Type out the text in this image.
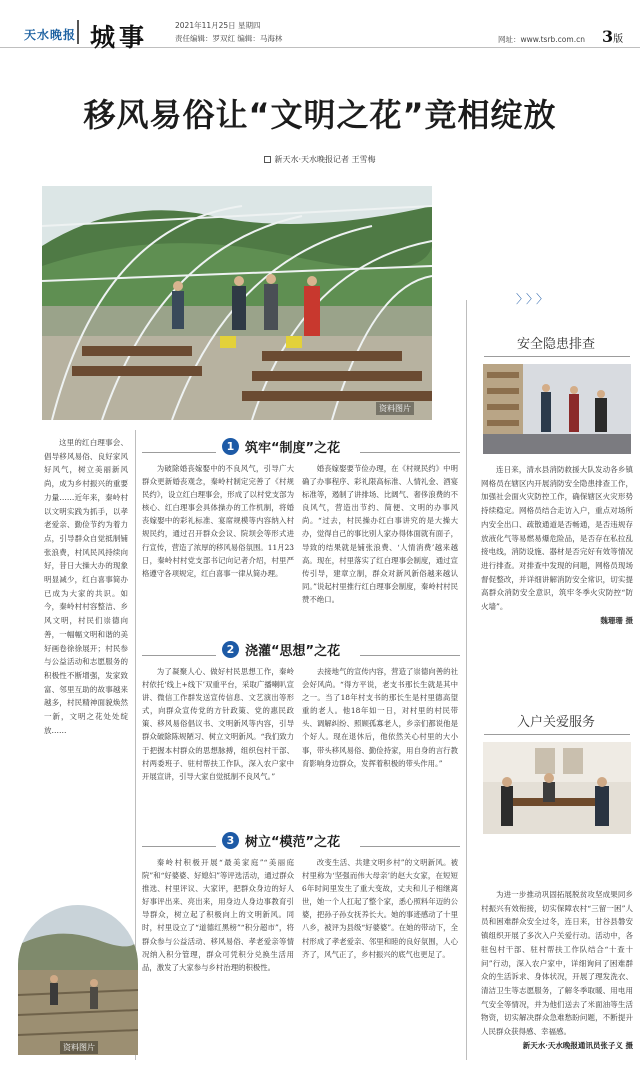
天水晚报 城事	2021年11月25日 星期四
责任编辑：罗双红 编辑：马海林	网址：www.tsrb.com.cn 3版
移风易俗让“文明之花”竞相绽放
新天水·天水晚报记者 王雪梅
资料图片

这里的红白理事会、倡导移风易俗、良好家风好风气，树立美丽新风尚，成为乡村振兴的重要力量……近年来，秦岭村以文明实践为抓手，以孝老爱亲、勤俭节约为着力点，引导群众自觉抵制铺张浪费，村风民风持续向好，昔日大操大办的现象明显减少，红白喜事简办已成为大家的共识。如今，秦岭村村容整洁、乡风文明，村民们崇德向善，一幅幅文明和谐的美好画卷徐徐展开；村民参与公益活动和志愿服务的积极性不断增强，发家致富、邻里互助的故事越来越多，村民精神面貌焕然一新，文明之花处处绽放……

1 筑牢“制度”之花

为破除婚丧嫁娶中的不良风气，引导广大群众更新婚丧观念，秦岭村制定完善了《村规民约》，设立红白理事会，形成了以村党支部为核心、红白理事会具体操办的工作机制，将婚丧嫁娶中的彩礼标准、宴席规模等内容纳入村规民约，通过召开群众会议、院坝会等形式进行宣传，营造了浓厚的移风易俗氛围。11月23日，秦岭村村党支部书记向记者介绍，村里严格遵守各项规定，红白喜事一律从简办理。

婚丧嫁娶要节俭办理，在《村规民约》中明确了办事程序、彩礼限高标准、人情礼金、酒宴标准等，遏制了讲排场、比阔气、奢侈浪费的不良风气，营造出节约、简便、文明的办事风尚。“过去，村民操办红白事讲究的是大操大办，觉得自己的事比别人家办得体面就有面子，导致的结果就是铺张浪费、‘人情消费’越来越高。现在，村里落实了红白理事会制度，通过宣传引导，建章立制，群众对新风新俗越来越认同。”说起村里推行红白理事会制度，秦岭村村民赞不绝口。

2 浇灌“思想”之花

为了凝聚人心、做好村民思想工作，秦岭村依托‘线上+线下’双重平台，采取广播喇叭宣讲、微信工作群发送宣传信息、文艺演出等形式，向群众宣传党的方针政策、党的惠民政策、移风易俗倡议书、文明新风等内容，引导群众破除陈规陋习、树立文明新风。“我们致力于把握本村群众的思想脉搏，组织包村干部、村两委班子、驻村帮扶工作队，深入农户家中开展宣讲，引导大家自觉抵制不良风气。”

去接地气的宣传内容，营造了崇德向善的社会好风尚。“得方平说，老支书那长生就是其中之一。当了18年村支书的那长生是村里德高望重的老人。他18年如一日，对村里的村民带头、调解纠纷、照顾孤寡老人，乡亲们都说他是个好人。现在退休后，他依然关心村里的大小事，带头移风易俗、勤俭持家，用自身的言行教育影响身边群众，发挥着积极的带头作用。”

3 树立“模范”之花

秦岭村积极开展“最美家庭”“美丽庭院”和“好婆婆、好媳妇”等评选活动，通过群众推选、村里评议、大家评，把群众身边的好人好事评出来、亮出来，用身边人身边事教育引导群众，树立起了积极向上的文明新风。同时，村里设立了“道德红黑榜”“积分超市”，将群众参与公益活动、移风易俗、孝老爱亲等情况纳入积分管理，群众可凭积分兑换生活用品，激发了大家参与乡村治理的积极性。

改变生活、共建文明乡村”的文明新风。被村里称为‘坚强而伟大母亲’的赵大女家，在短短6年时间里发生了重大变故，丈夫和儿子相继离世，她一个人扛起了整个家，悉心照料年迈的公婆，把孙子孙女抚养长大。她的事迹感动了十里八乡，被评为县级“好婆婆”。在她的带动下，全村形成了孝老爱亲、邻里和睦的良好氛围，人心齐了，风气正了，乡村振兴的底气也更足了。

资料图片
〉〉〉
安全隐患排查

连日来，清水县消防救援大队发动各乡镇网格员在辖区内开展消防安全隐患排查工作，加强社会面火灾防控工作，确保辖区火灾形势持续稳定。网格员结合走访入户，重点对场所内安全出口、疏散通道是否畅通，是否违规存放液化气等易燃易爆危险品，是否存在私拉乱接电线，消防设施、器材是否完好有效等情况进行排查。对排查中发现的问题，网格员现场督促整改，并详细讲解消防安全常识，切实提高群众消防安全意识，筑牢冬季火灾防控“防火墙”。

魏珊珊 摄

入户关爱服务

为进一步推动巩固拓展脱贫攻坚成果同乡村振兴有效衔接，切实保障农村“三留一困”人员和困难群众安全过冬，连日来，甘谷县磐安镇组织开展了多次入户关爱行动。活动中，各驻包村干部、驻村帮扶工作队结合“十查十问”行动，深入农户家中，详细询问了困难群众的生活诉求、身体状况，开展了理发洗衣、清洁卫生等志愿服务，了解冬季取暖、用电用气安全等情况，并为他们送去了米面油等生活物资，切实解决群众急难愁盼问题，不断提升人民群众获得感、幸福感。

新天水·天水晚报通讯员张子义 摄
